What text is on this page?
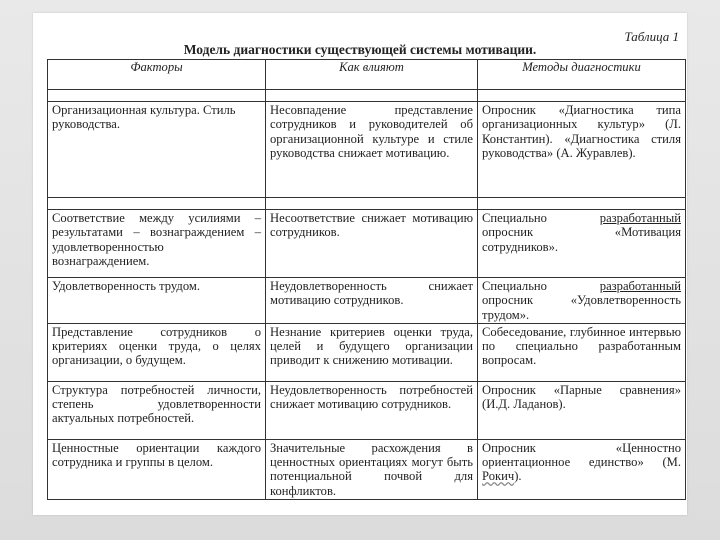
Таблица 1
Модель диагностики существующей системы мотивации.
Факторы	Как влияют	Методы диагностики

Организационная культура. Стиль руководства.	Несовпадение представление сотрудников и руководителей об организационной культуре и стиле руководства снижает мотивацию.	Опросник «Диагностика типа организационных культур» (Л. Константин). «Диагностика стиля руководства» (А. Журавлев).

Соответствие между усилиями – результатами – вознаграждением – удовлетворенностью вознаграждением.	Несоответствие снижает мотивацию сотрудников.	Специально разработанный опросник «Мотивация сотрудников».
Удовлетворенность трудом.	Неудовлетворенность снижает мотивацию сотрудников.	Специально разработанный опросник «Удовлетворенность трудом».
Представление сотрудников о критериях оценки труда, о целях организации, о будущем.	Незнание критериев оценки труда, целей и будущего организации приводит к снижению мотивации.	Собеседование, глубинное интервью по специально разработанным вопросам.
Структура потребностей личности, степень удовлетворенности актуальных потребностей.	Неудовлетворенность потребностей снижает мотивацию сотрудников.	Опросник «Парные сравнения» (И.Д. Ладанов).
Ценностные ориентации каждого сотрудника и группы в целом.	Значительные расхождения в ценностных ориентациях могут быть потенциальной почвой для конфликтов.	Опросник «Ценностно ориентационное единство» (М. Рокич).
